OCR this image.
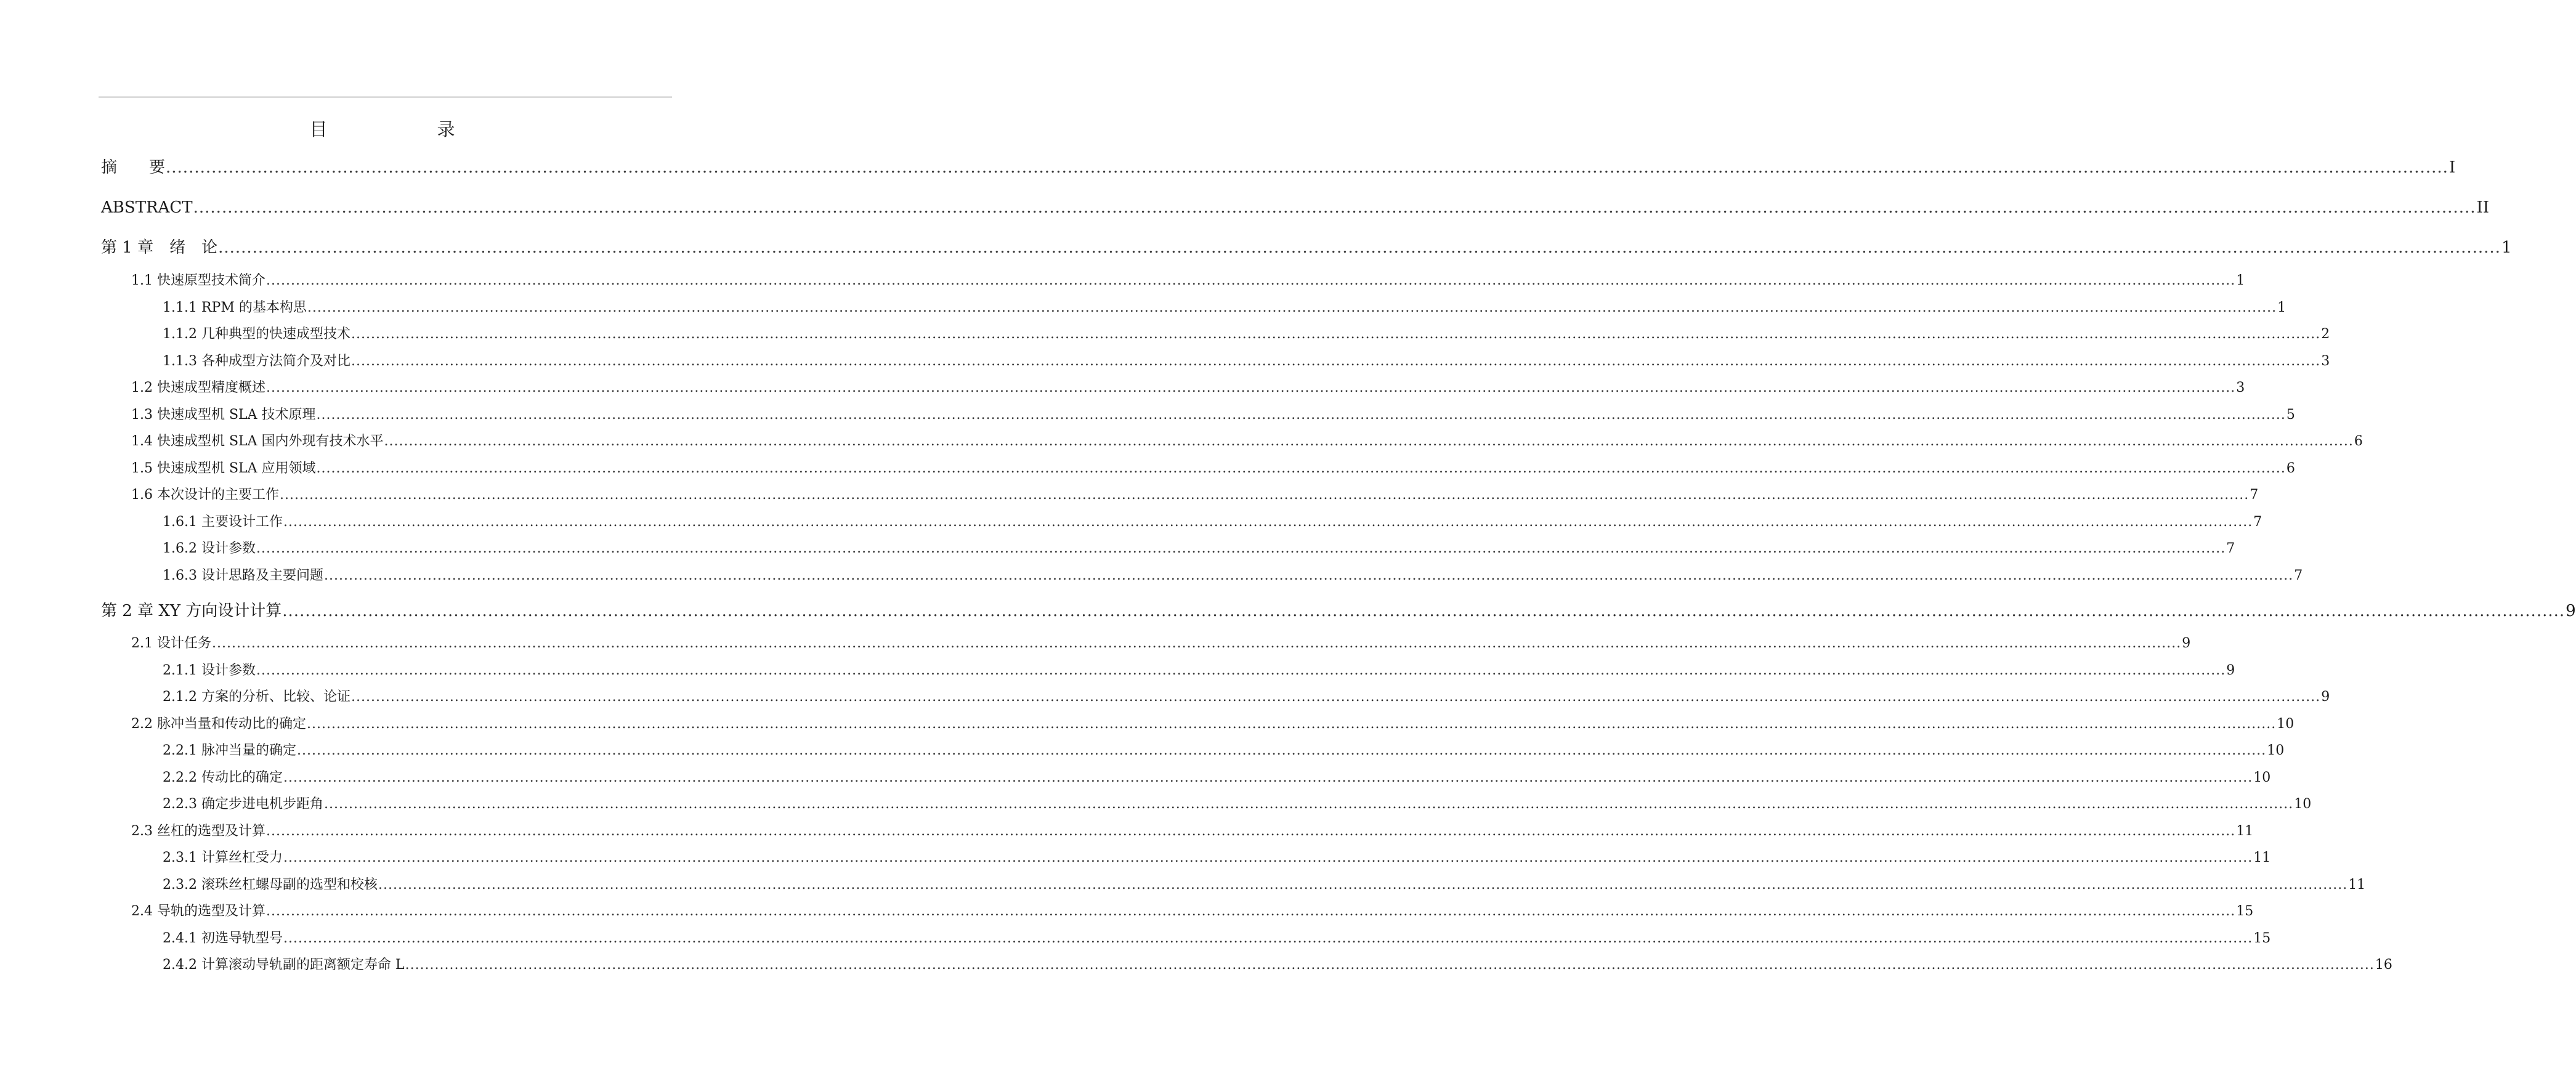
目　　录
摘　　要 ................................................................................................................................................................................................................................................................................................................................................................................................................ I
ABSTRACT ................................................................................................................................................................................................................................................................................................................................................................................................................ II
第 1 章　绪　论 ................................................................................................................................................................................................................................................................................................................................................................................................................ 1
1.1 快速原型技术简介 ................................................................................................................................................................................................................................................................................................................................................................................................................ 1
1.1.1 RPM 的基本构思 ................................................................................................................................................................................................................................................................................................................................................................................................................ 1
1.1.2 几种典型的快速成型技术 ................................................................................................................................................................................................................................................................................................................................................................................................................ 2
1.1.3 各种成型方法简介及对比 ................................................................................................................................................................................................................................................................................................................................................................................................................ 3
1.2 快速成型精度概述 ................................................................................................................................................................................................................................................................................................................................................................................................................ 3
1.3 快速成型机 SLA 技术原理 ................................................................................................................................................................................................................................................................................................................................................................................................................ 5
1.4 快速成型机 SLA 国内外现有技术水平 ................................................................................................................................................................................................................................................................................................................................................................................................................ 6
1.5 快速成型机 SLA 应用领域 ................................................................................................................................................................................................................................................................................................................................................................................................................ 6
1.6 本次设计的主要工作 ................................................................................................................................................................................................................................................................................................................................................................................................................ 7
1.6.1 主要设计工作 ................................................................................................................................................................................................................................................................................................................................................................................................................ 7
1.6.2 设计参数 ................................................................................................................................................................................................................................................................................................................................................................................................................ 7
1.6.3 设计思路及主要问题 ................................................................................................................................................................................................................................................................................................................................................................................................................ 7
第 2 章 XY 方向设计计算 ................................................................................................................................................................................................................................................................................................................................................................................................................ 9
2.1 设计任务 ................................................................................................................................................................................................................................................................................................................................................................................................................ 9
2.1.1 设计参数 ................................................................................................................................................................................................................................................................................................................................................................................................................ 9
2.1.2 方案的分析、比较、论证 ................................................................................................................................................................................................................................................................................................................................................................................................................ 9
2.2 脉冲当量和传动比的确定 ................................................................................................................................................................................................................................................................................................................................................................................................................ 10
2.2.1 脉冲当量的确定 ................................................................................................................................................................................................................................................................................................................................................................................................................ 10
2.2.2 传动比的确定 ................................................................................................................................................................................................................................................................................................................................................................................................................ 10
2.2.3 确定步进电机步距角 ................................................................................................................................................................................................................................................................................................................................................................................................................ 10
2.3 丝杠的选型及计算 ................................................................................................................................................................................................................................................................................................................................................................................................................ 11
2.3.1 计算丝杠受力 ................................................................................................................................................................................................................................................................................................................................................................................................................ 11
2.3.2 滚珠丝杠螺母副的选型和校核 ................................................................................................................................................................................................................................................................................................................................................................................................................ 11
2.4 导轨的选型及计算 ................................................................................................................................................................................................................................................................................................................................................................................................................ 15
2.4.1 初选导轨型号 ................................................................................................................................................................................................................................................................................................................................................................................................................ 15
2.4.2 计算滚动导轨副的距离额定寿命 L ................................................................................................................................................................................................................................................................................................................................................................................................................ 16
